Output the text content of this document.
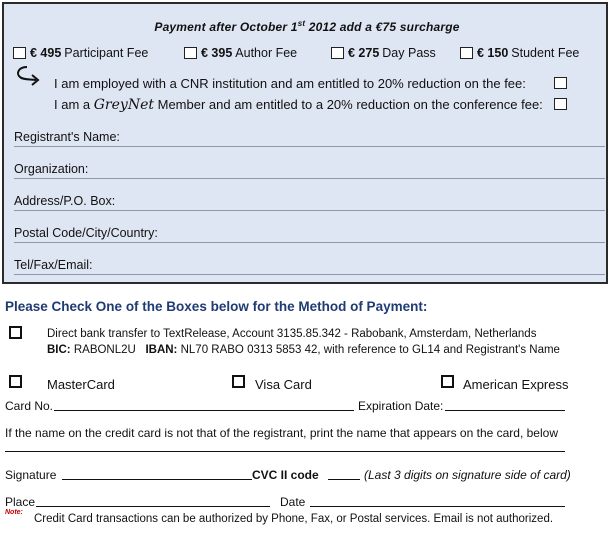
Payment after October 1st 2012 add a €75 surcharge
€ 495 Participant Fee	€ 395 Author Fee	€ 275 Day Pass	€ 150 Student Fee
I am employed with a CNR institution and am entitled to 20% reduction on the fee:
I am a GreyNet Member and am entitled to a 20% reduction on the conference fee:
Registrant's Name:
Organization:
Address/P.O. Box:
Postal Code/City/Country:
Tel/Fax/Email:
Please Check One of the Boxes below for the Method of Payment:
Direct bank transfer to TextRelease, Account 3135.85.342 - Rabobank, Amsterdam, Netherlands
BIC: RABONL2U IBAN: NL70 RABO 0313 5853 42, with reference to GL14 and Registrant's Name
MasterCard	Visa Card	American Express
Card No.	Expiration Date:
If the name on the credit card is not that of the registrant, print the name that appears on the card, below
Signature	CVC II code	(Last 3 digits on signature side of card)
Place	Date
Note:
Credit Card transactions can be authorized by Phone, Fax, or Postal services. Email is not authorized.
